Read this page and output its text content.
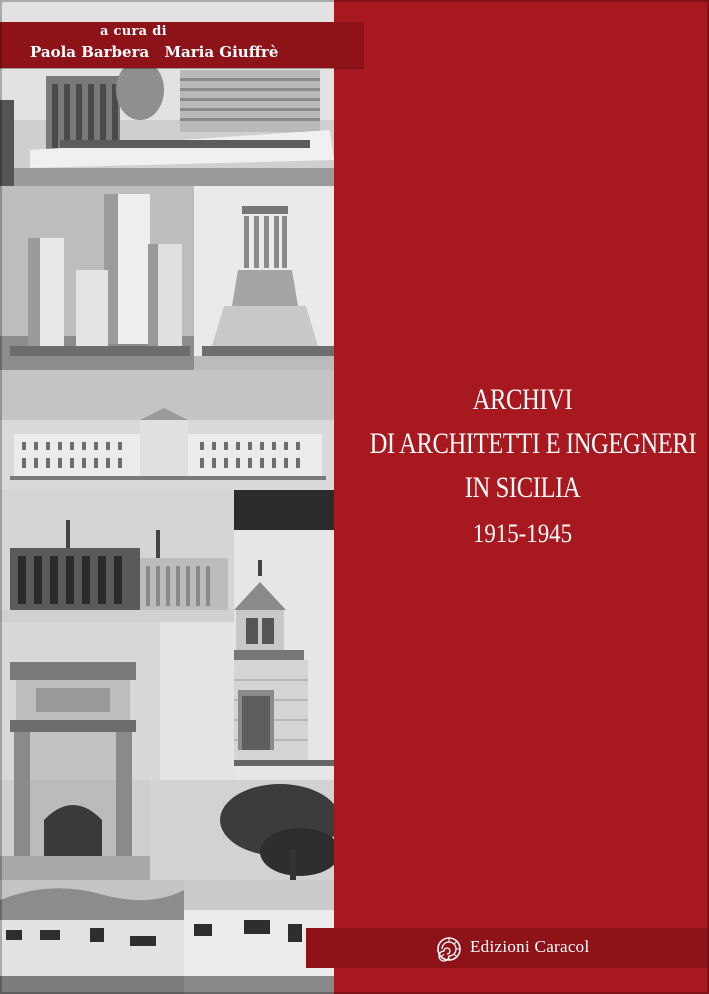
a cura di
Paola Barbera Maria Giuffrè
ARCHIVI
DI ARCHITETTI E INGEGNERI
IN SICILIA
1915-1945
Edizioni Caracol
